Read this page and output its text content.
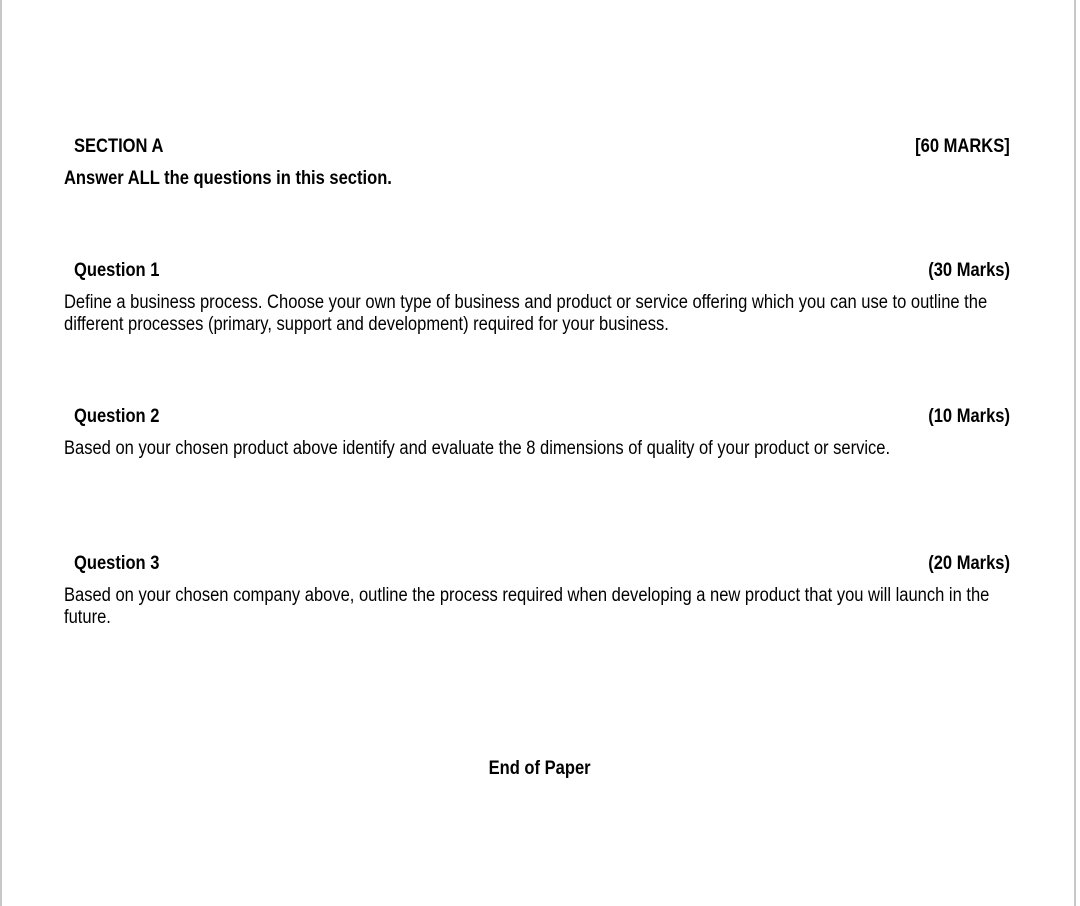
SECTION A	[60 MARKS]
Answer ALL the questions in this section.
Question 1	(30 Marks)
Define a business process. Choose your own type of business and product or service offering which you can use to outline the different processes (primary, support and development) required for your business.
Question 2	(10 Marks)
Based on your chosen product above identify and evaluate the 8 dimensions of quality of your product or service.
Question 3	(20 Marks)
Based on your chosen company above, outline the process required when developing a new product that you will launch in the future.
End of Paper
